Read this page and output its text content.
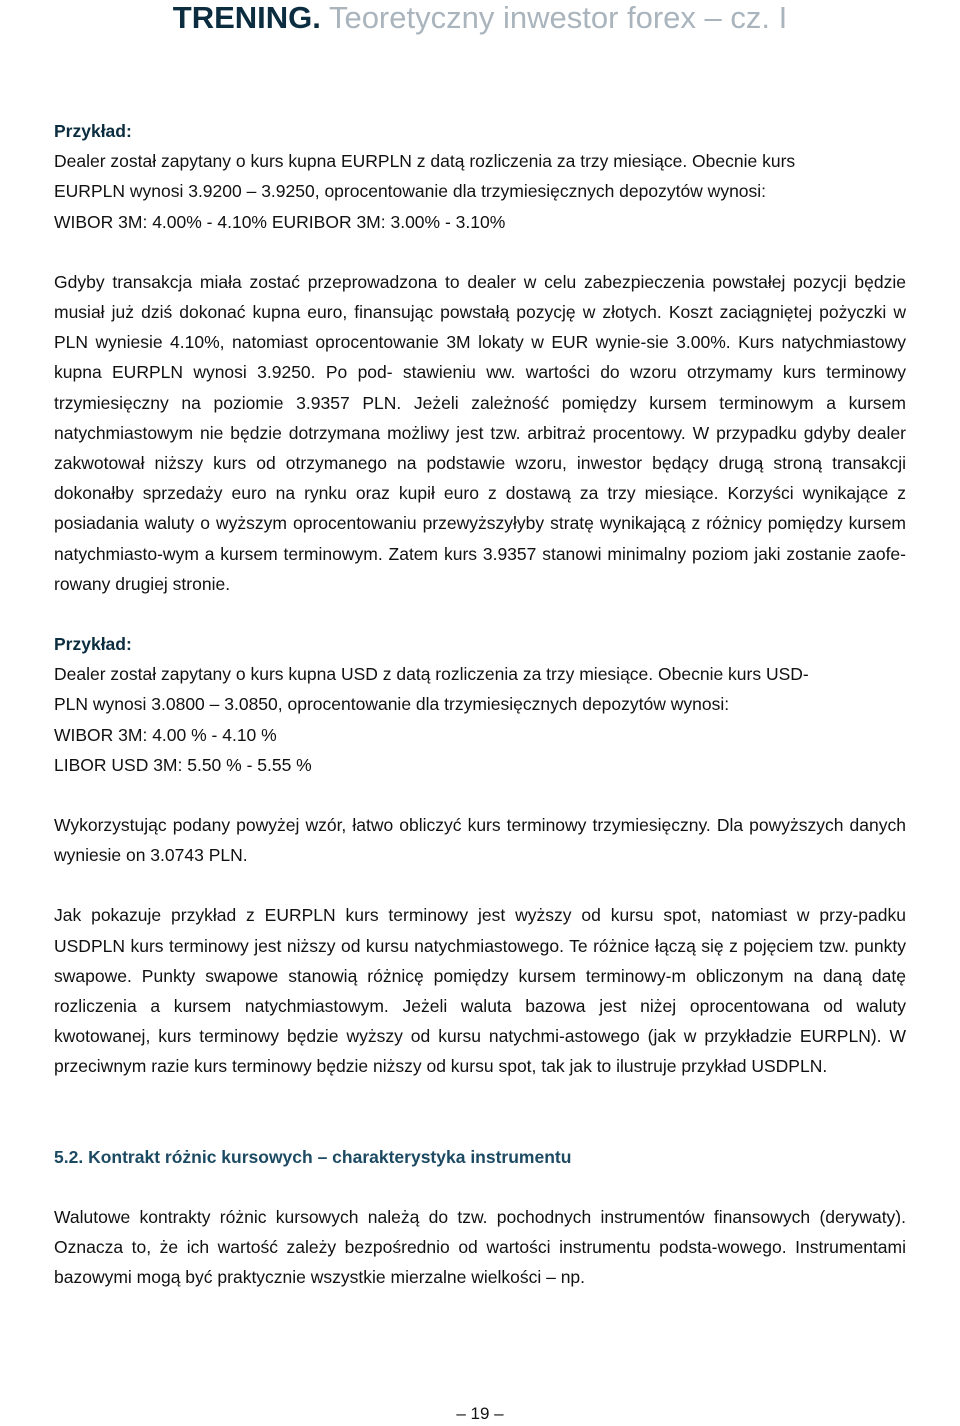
TRENING. Teoretyczny inwestor forex – cz. I

Przykład:

Dealer został zapytany o kurs kupna EURPLN z datą rozliczenia za trzy miesiące. Obecnie kurs
EURPLN wynosi 3.9200 – 3.9250, oprocentowanie dla trzymiesięcznych depozytów wynosi:
WIBOR 3M: 4.00% - 4.10% EURIBOR 3M: 3.00% - 3.10%

Gdyby transakcja miała zostać przeprowadzona to dealer w celu zabezpieczenia powstałej pozycji będzie musiał już dziś dokonać kupna euro, finansując powstałą pozycję w złotych. Koszt zaciągniętej pożyczki w PLN wyniesie 4.10%, natomiast oprocentowanie 3M lokaty w EUR wynie-sie 3.00%. Kurs natychmiastowy kupna EURPLN wynosi 3.9250. Po pod- stawieniu ww. wartości do wzoru otrzymamy kurs terminowy trzymiesięczny na poziomie 3.9357 PLN. Jeżeli zależność pomiędzy kursem terminowym a kursem natychmiastowym nie będzie dotrzymana możliwy jest tzw. arbitraż procentowy. W przypadku gdyby dealer zakwotował niższy kurs od otrzymanego na podstawie wzoru, inwestor będący drugą stroną transakcji dokonałby sprzedaży euro na rynku oraz kupił euro z dostawą za trzy miesiące. Korzyści wynikające z posiadania waluty o wyższym oprocentowaniu przewyższyłyby stratę wynikającą z różnicy pomiędzy kursem natychmiasto-wym a kursem terminowym. Zatem kurs 3.9357 stanowi minimalny poziom jaki zostanie zaofe-rowany drugiej stronie.

Przykład:

Dealer został zapytany o kurs kupna USD z datą rozliczenia za trzy miesiące. Obecnie kurs USD-
PLN wynosi 3.0800 – 3.0850, oprocentowanie dla trzymiesięcznych depozytów wynosi:
WIBOR 3M: 4.00 % - 4.10 %
LIBOR USD 3M: 5.50 % - 5.55 %

Wykorzystując podany powyżej wzór, łatwo obliczyć kurs terminowy trzymiesięczny. Dla powyższych danych wyniesie on 3.0743 PLN.

Jak pokazuje przykład z EURPLN kurs terminowy jest wyższy od kursu spot, natomiast w przy-padku USDPLN kurs terminowy jest niższy od kursu natychmiastowego. Te różnice łączą się z pojęciem tzw. punkty swapowe. Punkty swapowe stanowią różnicę pomiędzy kursem terminowy-m obliczonym na daną datę rozliczenia a kursem natychmiastowym. Jeżeli waluta bazowa jest niżej oprocentowana od waluty kwotowanej, kurs terminowy będzie wyższy od kursu natychmi-astowego (jak w przykładzie EURPLN). W przeciwnym razie kurs terminowy będzie niższy od kursu spot, tak jak to ilustruje przykład USDPLN.

5.2. Kontrakt różnic kursowych – charakterystyka instrumentu

Walutowe kontrakty różnic kursowych należą do tzw. pochodnych instrumentów finansowych (derywaty). Oznacza to, że ich wartość zależy bezpośrednio od wartości instrumentu podsta-wowego. Instrumentami bazowymi mogą być praktycznie wszystkie mierzalne wielkości – np.

– 19 –
